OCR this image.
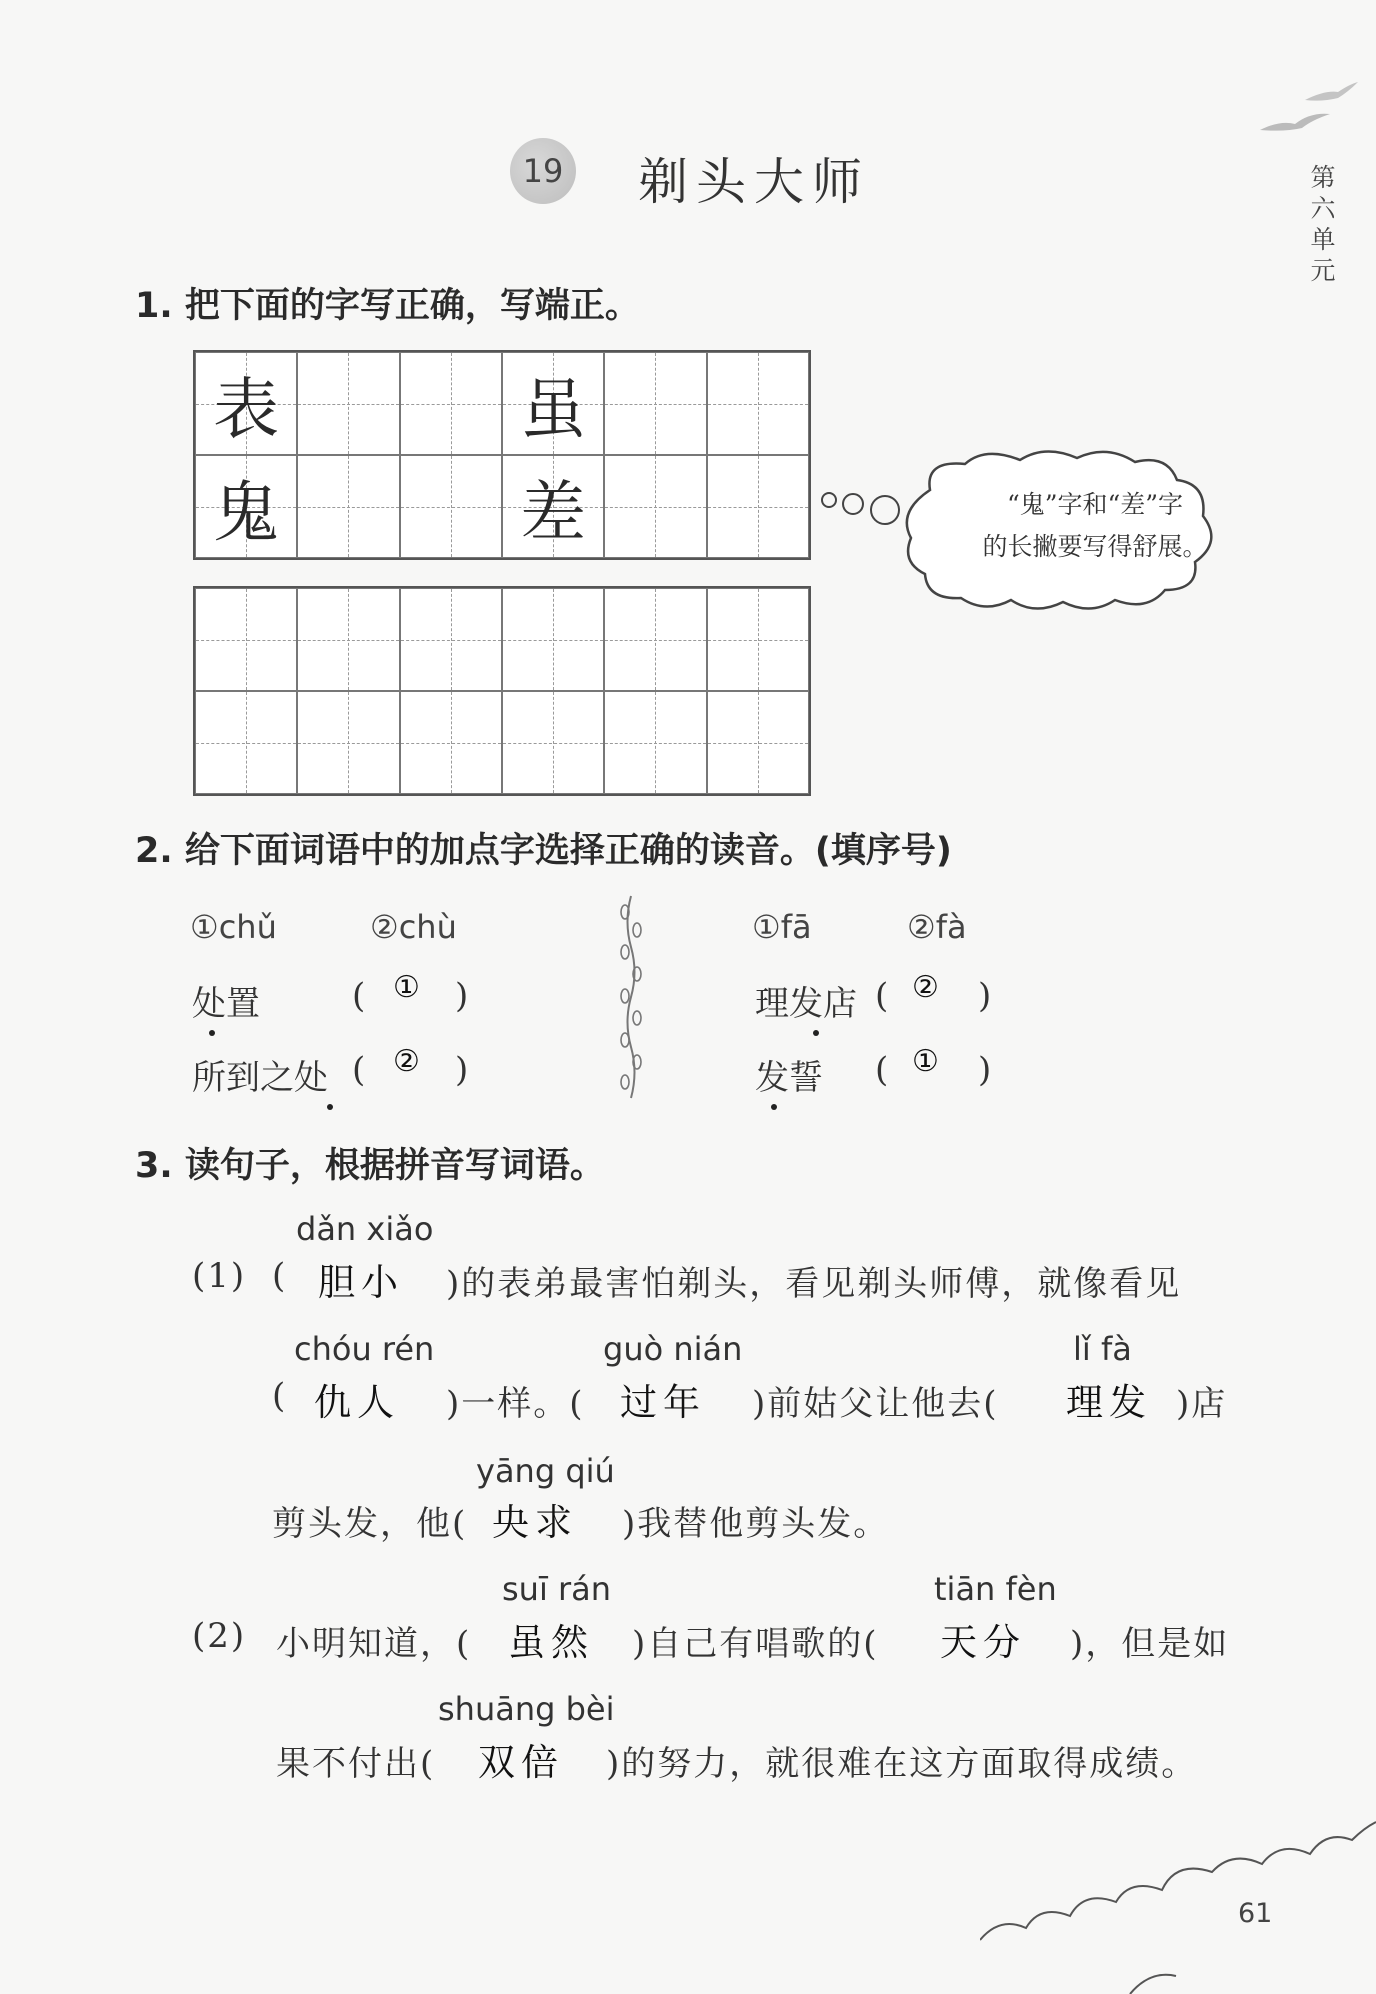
19 剃头大师	第六单元
1. 把下面的字写正确，写端正。
表	虽
鬼	差	“鬼”字和“差”字
的长撇要写得舒展。
2. 给下面词语中的加点字选择正确的读音。(填序号)
①chǔ	②chù
处置	( ① )
所到之处 ( ② )
①fā	②fà
理发店 ( ② )
发誓 ( ① )
3. 读句子，根据拼音写词语。
dǎn xiǎo
(1) ( 胆小 )的表弟最害怕剃头，看见剃头师傅，就像看见
chóu rén	guò nián	lǐ fà
( 仇人 )一样。( 过年 )前姑父让他去( 理发 )店
yāng qiú
剪头发，他( 央求 )我替他剪头发。
suī rán	tiān fèn
(2) 小明知道，( 虽然 )自己有唱歌的( 天分 )，但是如
shuāng bèi
果不付出( 双倍 )的努力，就很难在这方面取得成绩。
61
